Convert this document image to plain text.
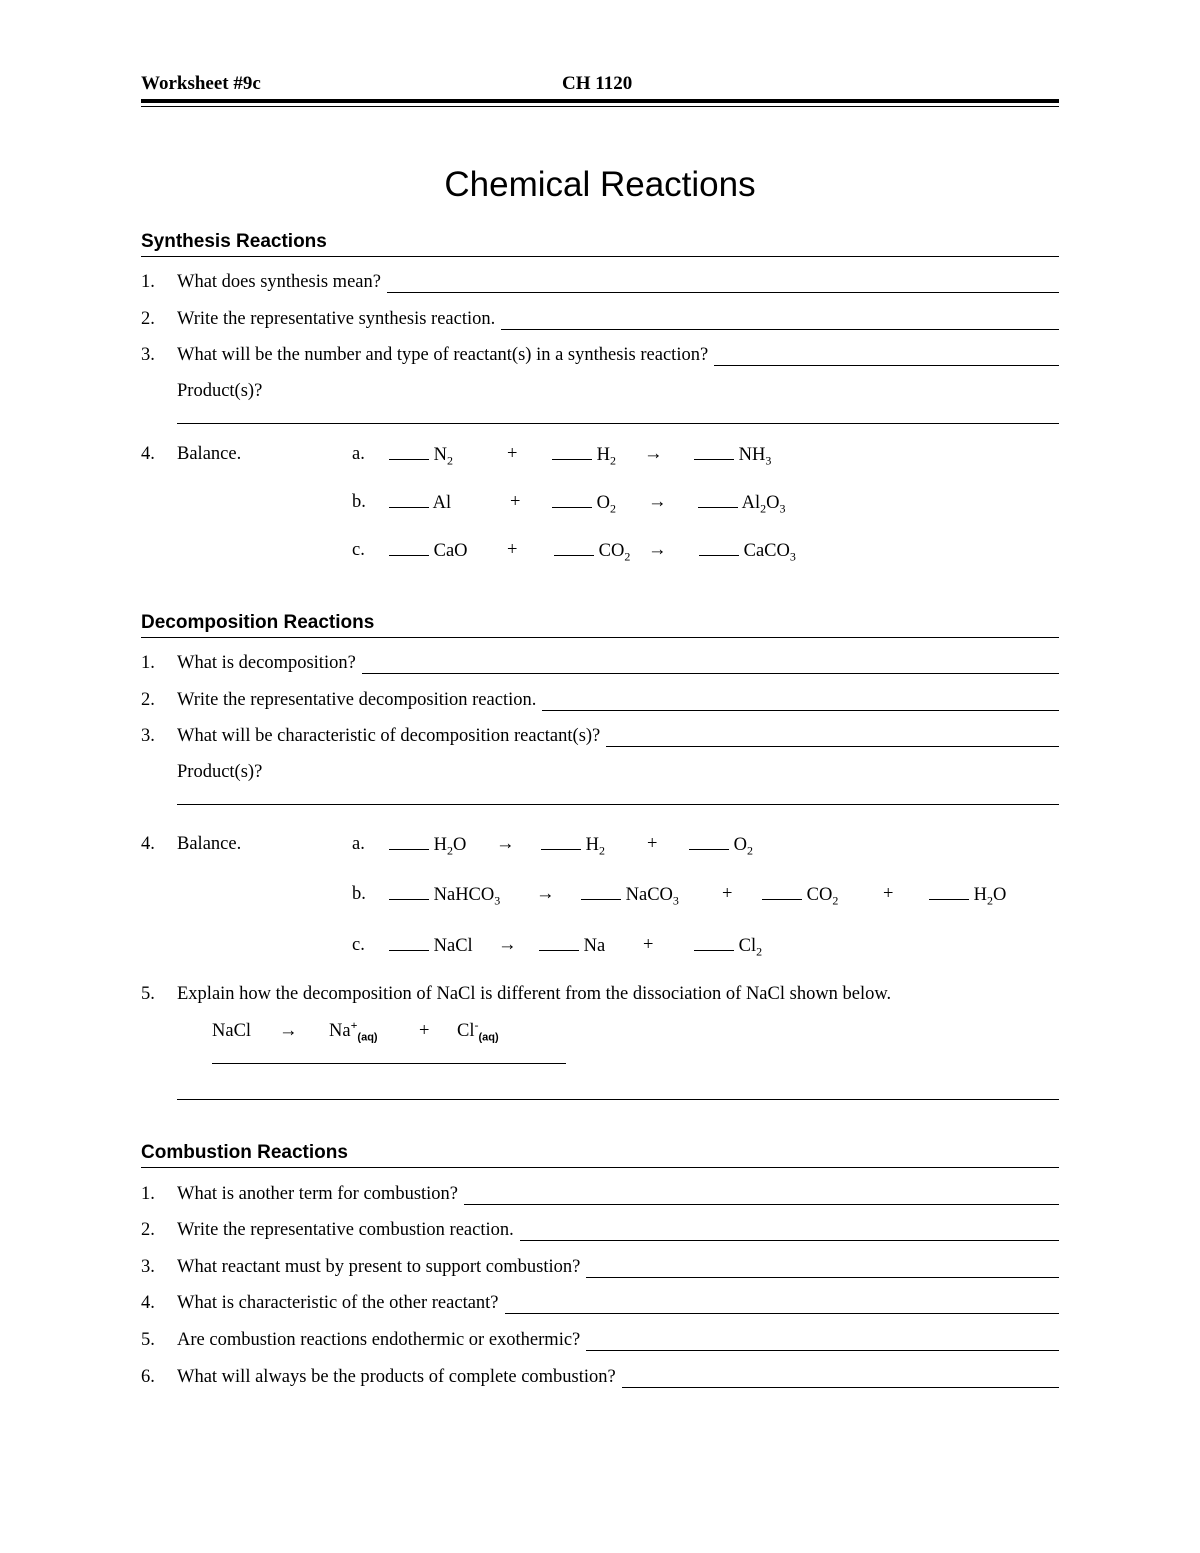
Worksheet #9c	CH 1120
Chemical Reactions
Synthesis Reactions
1.	What does synthesis mean?
2.	Write the representative synthesis reaction.
3.	What will be the number and type of reactant(s) in a synthesis reaction?
Product(s)?
4. Balance.	a.	$N_2$	+	$H_2$ →	$NH_3$
b.	Al	+	$O_2$ →	$Al_2O_3$
c.	CaO +	$CO_2$ →	CaCO$_3$
Decomposition Reactions
1.	What is decomposition?
2.	Write the representative decomposition reaction.
3.	What will be characteristic of decomposition reactant(s)?
Product(s)?
4. Balance.	a.	$H_2O$ →	$H_2$ +	$O_2$
b.	NaHCO$_3$ →	NaCO$_3$ +	$CO_2$ +	$H_2O$
c.	NaCl →	Na +	$Cl_2$
5. Explain how the decomposition of NaCl is different from the dissociation of NaCl shown below.
NaCl → $Na^+_{(aq)} + Cl^-_{(aq)}$
Combustion Reactions
1.	What is another term for combustion?
2.	Write the representative combustion reaction.
3.	What reactant must by present to support combustion?
4.	What is characteristic of the other reactant?
5.	Are combustion reactions endothermic or exothermic?
6.	What will always be the products of complete combustion?
